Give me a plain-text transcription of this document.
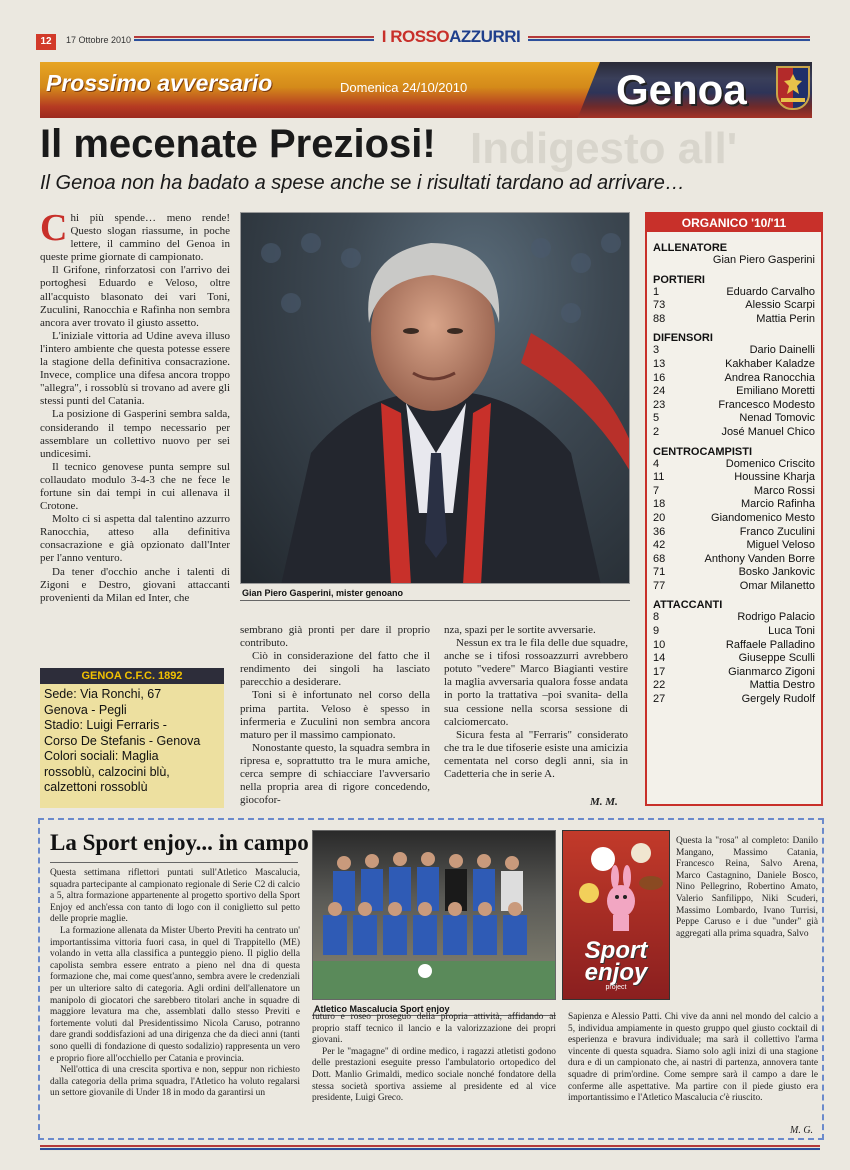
12	17 Ottobre 2010	I ROSSOAZZURRI
Prossimo avversario	Domenica 24/10/2010	Genoa
Indigesto all'
Il mecenate Preziosi!
Il Genoa non ha badato a spese anche se i risultati tardano ad arrivare…

Chi più spende… meno rende! Questo slogan riassume, in poche lettere, il cammino del Genoa in queste prime giornate di campionato.

Il Grifone, rinforzatosi con l'arrivo dei portoghesi Eduardo e Veloso, oltre all'acquisto blasonato dei vari Toni, Zuculini, Ranocchia e Rafinha non sembra ancora aver trovato il giusto assetto.

L'iniziale vittoria ad Udine aveva illuso l'intero ambiente che questa potesse essere la stagione della definitiva consacrazione. Invece, complice una difesa ancora troppo "allegra", i rossoblù si trovano ad avere gli stessi punti del Catania.

La posizione di Gasperini sembra salda, considerando il tempo necessario per assemblare un collettivo nuovo per sei undicesimi.

Il tecnico genovese punta sempre sul collaudato modulo 3-4-3 che ne fece le fortune sin dai tempi in cui allenava il Crotone.

Molto ci si aspetta dal talentino azzurro Ranocchia, atteso alla definitiva consacrazione e già opzionato dall'Inter per l'anno venturo.

Da tener d'occhio anche i talenti di Zigoni e Destro, giovani attaccanti provenienti da Milan ed Inter, che	Gian Piero Gasperini, mister genoano

sembrano già pronti per dare il proprio contributo.

Ciò in considerazione del fatto che il rendimento dei singoli ha lasciato parecchio a desiderare.

Toni si è infortunato nel corso della prima partita. Veloso è spesso in infermeria e Zuculini non sembra ancora maturo per il massimo campionato.

Nonostante questo, la squadra sembra in ripresa e, soprattutto tra le mura amiche, cerca sempre di schiacciare l'avversario nella propria area di rigore concedendo, giocofor-

nza, spazi per le sortite avversarie.

Nessun ex tra le fila delle due squadre, anche se i tifosi rossoazzurri avrebbero potuto "vedere" Marco Biagianti vestire la maglia avversaria qualora fosse andata in porto la trattativa –poi svanita- della sua cessione nella scorsa sessione di calciomercato.

Sicura festa al "Ferraris" considerato che tra le due tifoserie esiste una amicizia cementata nel corso degli anni, sia in Cadetteria che in serie A.

M. M.
GENOA C.F.C. 1892
Sede: Via Ronchi, 67
Genova - Pegli
Stadio: Luigi Ferraris -
Corso De Stefanis - Genova
Colori sociali: Maglia
rossoblù, calzocini blù,
calzettoni rossoblù
ORGANICO '10/'11
ALLENATORE
Gian Piero Gasperini
PORTIERI
1	Eduardo Carvalho
73	Alessio Scarpi
88	Mattia Perin
DIFENSORI
3	Dario Dainelli
13	Kakhaber Kaladze
16	Andrea Ranocchia
24	Emiliano Moretti
23	Francesco Modesto
5	Nenad Tomovic
2	José Manuel Chico
CENTROCAMPISTI
4	Domenico Criscito
11	Houssine Kharja
7	Marco Rossi
18	Marcio Rafinha
20	Giandomenico Mesto
36	Franco Zuculini
42	Miguel Veloso
68	Anthony Vanden Borre
71	Bosko Jankovic
77	Omar Milanetto
ATTACCANTI
8	Rodrigo Palacio
9	Luca Toni
10	Raffaele Palladino
14	Giuseppe Sculli
17	Gianmarco Zigoni
22	Mattia Destro
27	Gergely Rudolf
La Sport enjoy... in campo

Questa settimana riflettori puntati sull'Atletico Mascalucia, squadra partecipante al campionato regionale di Serie C2 di calcio a 5, altra formazione appartenente al progetto sportivo della Sport Enjoy ed anch'essa con tanto di logo con il coniglietto sul petto delle proprie maglie.

La formazione allenata da Mister Uberto Previti ha centrato un' importantissima vittoria fuori casa, in quel di Trappitello (ME) volando in vetta alla classifica a punteggio pieno. Il piglio della capolista sembra essere entrato a pieno nel dna di questa formazione che, mai come quest'anno, sembra avere le credenziali per un ulteriore salto di categoria. Agli ordini dell'allenatore un manipolo di giocatori che sarebbero titolari anche in squadre di maggiore levatura ma che, assemblati dallo stesso Previti e fortemente voluti dal Presidentissimo Nicola Caruso, potranno dare grandi soddisfazioni ad una dirigenza che da dieci anni (tanti sono quelli di fondazione di questo sodalizio) rappresenta un vero e proprio fiore all'occhiello per Catania e provincia.

Nell'ottica di una crescita sportiva e non, seppur non richiesto dalla categoria della prima squadra, l'Atletico ha voluto regalarsi un settore giovanile di Under 18 in modo da garantirsi un

Atletico Mascalucia Sport enjoy
Sport
enjoy
project
Questa la "rosa" al completo: Danilo Mangano, Massimo Catania, Francesco Reina, Salvo Arena, Marco Castagnino, Daniele Bosco, Nino Pellegrino, Robertino Amato, Valerio Sanfilippo, Niki Scuderi, Massimo Lombardo, Ivano Turrisi, Peppe Caruso e i due "under" già aggregati alla prima squadra, Salvo

futuro e roseo proseguo della propria attività, affidando al proprio staff tecnico il lancio e la valorizzazione dei propri giovani.

Per le "magagne" di ordine medico, i ragazzi atletisti godono delle prestazioni eseguite presso l'ambulatorio ortopedico del Dott. Manlio Grimaldi, medico sociale nonché fondatore della stessa società sportiva assieme al presidente ed al vice presidente, Luigi Greco.

Sapienza e Alessio Patti. Chi vive da anni nel mondo del calcio a 5, individua ampiamente in questo gruppo quel giusto cocktail di esperienza e bravura individuale; ma sarà il collettivo l'arma vincente di questa squadra. Siamo solo agli inizi di una stagione dura e di un campionato che, ai nastri di partenza, annovera tante squadre di prim'ordine. Come sempre sarà il campo a dare le conferme alle aspettative. Ma partire con il piede giusto era importantissimo e l'Atletico Mascalucia c'è riuscito.

M. G.
